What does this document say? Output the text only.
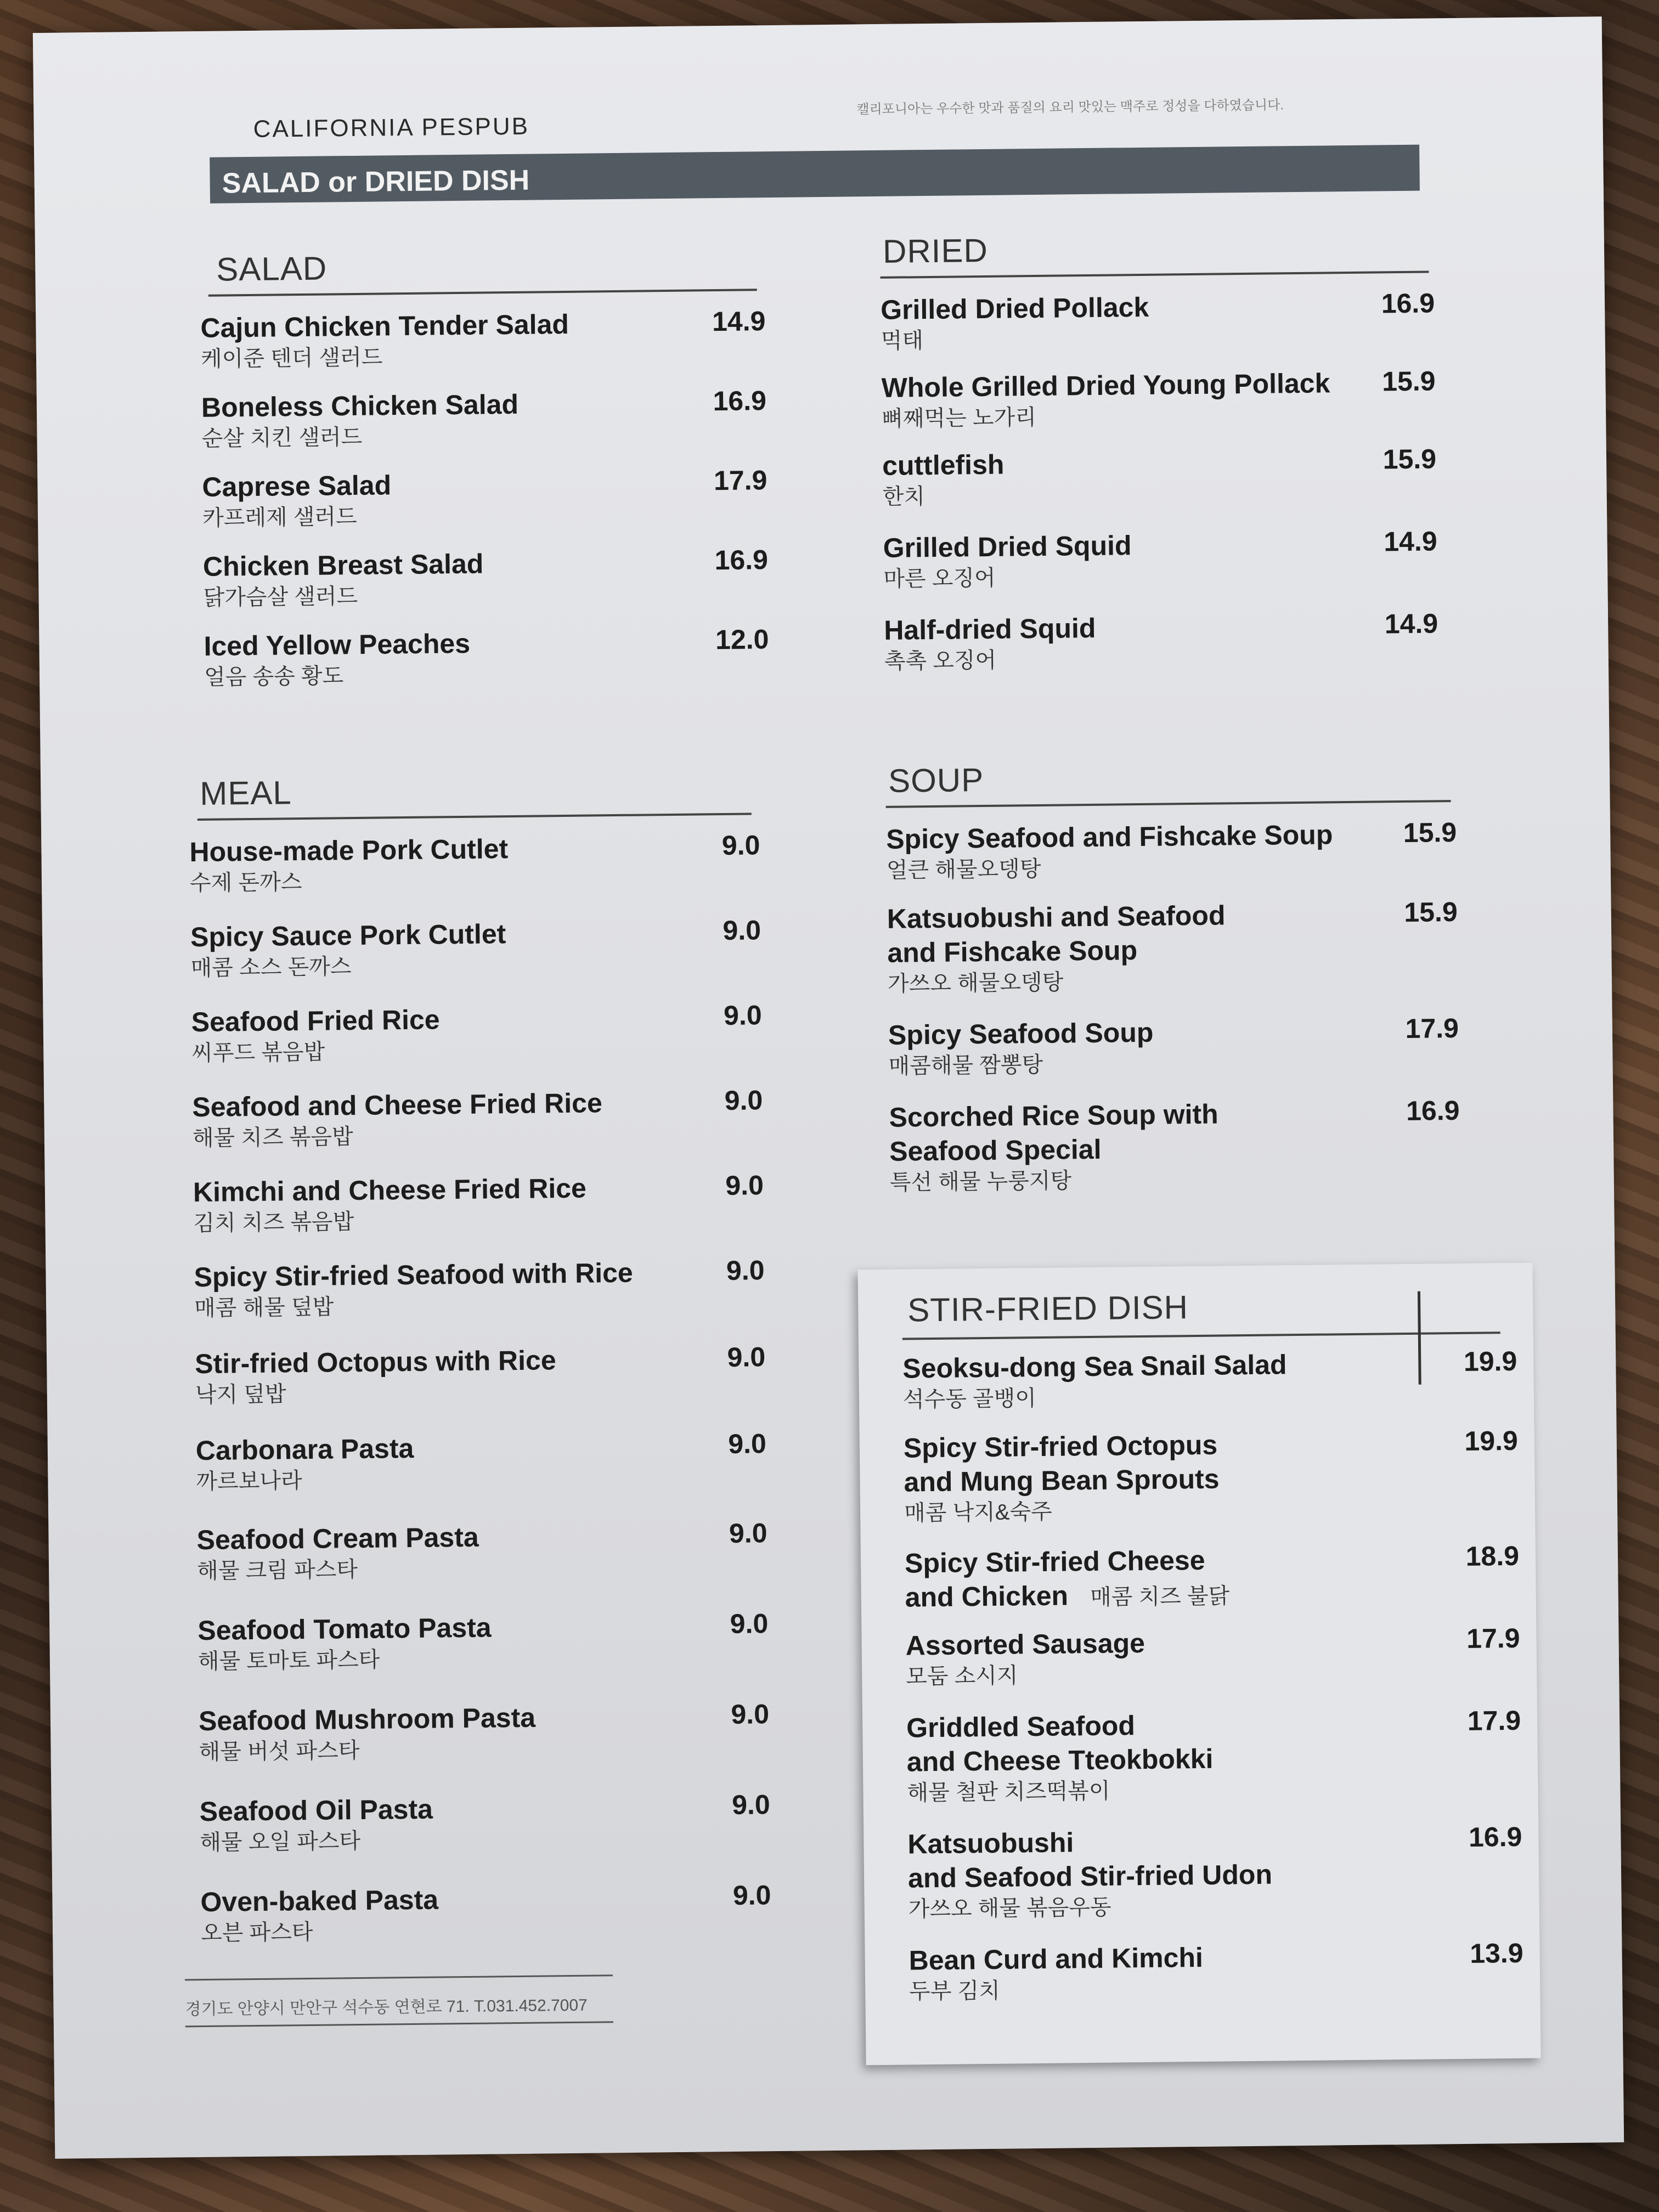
CALIFORNIA PESPUB
캘리포니아는 우수한 맛과 품질의 요리 맛있는 맥주로 정성을 다하였습니다.
SALAD or DRIED DISH
SALAD
Cajun Chicken Tender Salad
케이준 텐더 샐러드
14.9
Boneless Chicken Salad
순살 치킨 샐러드
16.9
Caprese Salad
카프레제 샐러드
17.9
Chicken Breast Salad
닭가슴살 샐러드
16.9
Iced Yellow Peaches
얼음 송송 황도
12.0
DRIED
Grilled Dried Pollack
먹태
16.9
Whole Grilled Dried Young Pollack
뼈째먹는 노가리
15.9
cuttlefish
한치
15.9
Grilled Dried Squid
마른 오징어
14.9
Half-dried Squid
촉촉 오징어
14.9
MEAL
House-made Pork Cutlet
수제 돈까스
9.0
Spicy Sauce Pork Cutlet
매콤 소스 돈까스
9.0
Seafood Fried Rice
씨푸드 볶음밥
9.0
Seafood and Cheese Fried Rice
해물 치즈 볶음밥
9.0
Kimchi and Cheese Fried Rice
김치 치즈 볶음밥
9.0
Spicy Stir-fried Seafood with Rice
매콤 해물 덮밥
9.0
Stir-fried Octopus with Rice
낙지 덮밥
9.0
Carbonara Pasta
까르보나라
9.0
Seafood Cream Pasta
해물 크림 파스타
9.0
Seafood Tomato Pasta
해물 토마토 파스타
9.0
Seafood Mushroom Pasta
해물 버섯 파스타
9.0
Seafood Oil Pasta
해물 오일 파스타
9.0
Oven-baked Pasta
오븐 파스타
9.0
SOUP
Spicy Seafood and Fishcake Soup
얼큰 해물오뎅탕
15.9
Katsuobushi and Seafood
and Fishcake Soup
가쓰오 해물오뎅탕
15.9
Spicy Seafood Soup
매콤해물 짬뽕탕
17.9
Scorched Rice Soup with
Seafood Special
특선 해물 누룽지탕
16.9
경기도 안양시 만안구 석수동 연현로 71. T.031.452.7007
STIR-FRIED DISH
Seoksu-dong Sea Snail Salad
석수동 골뱅이
19.9
Spicy Stir-fried Octopus
and Mung Bean Sprouts
매콤 낙지&숙주
19.9
Spicy Stir-fried Cheese
and Chicken 매콤 치즈 불닭
18.9
Assorted Sausage
모둠 소시지
17.9
Griddled Seafood
and Cheese Tteokbokki
해물 철판 치즈떡볶이
17.9
Katsuobushi
and Seafood Stir-fried Udon
가쓰오 해물 볶음우동
16.9
Bean Curd and Kimchi
두부 김치
13.9
